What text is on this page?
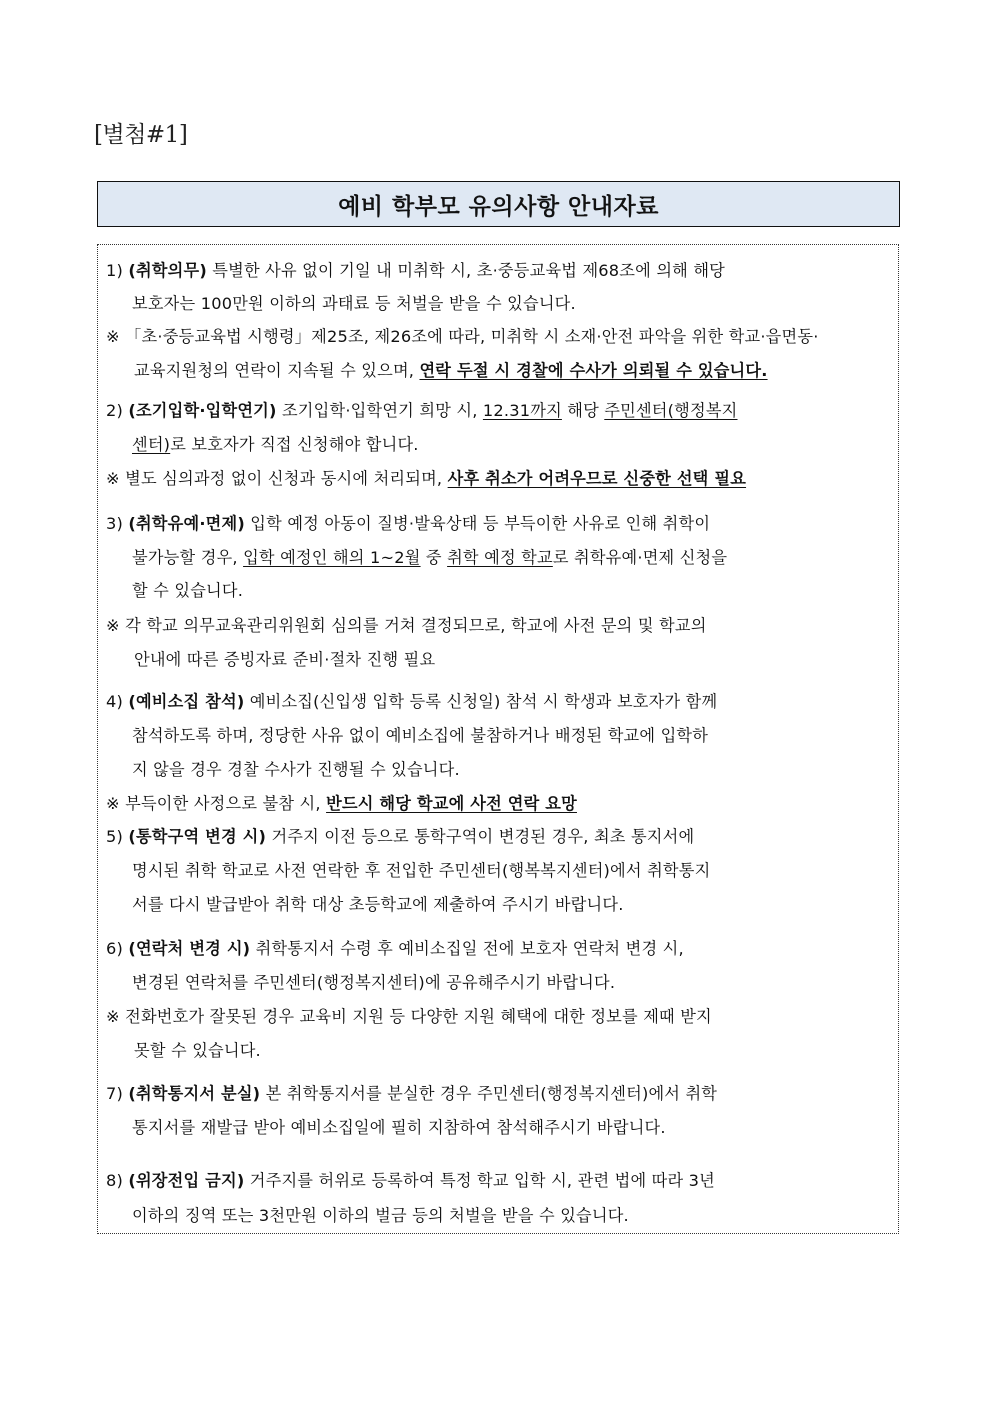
[별첨#1]
예비 학부모 유의사항 안내자료
1) (취학의무) 특별한 사유 없이 기일 내 미취학 시, 초·중등교육법 제68조에 의해 해당
보호자는 100만원 이하의 과태료 등 처벌을 받을 수 있습니다.
※ 「초·중등교육법 시행령」제25조, 제26조에 따라, 미취학 시 소재·안전 파악을 위한 학교·읍면동·
교육지원청의 연락이 지속될 수 있으며, 연락 두절 시 경찰에 수사가 의뢰될 수 있습니다.
2) (조기입학·입학연기) 조기입학·입학연기 희망 시, 12.31까지 해당 주민센터(행정복지
센터)로 보호자가 직접 신청해야 합니다.
※ 별도 심의과정 없이 신청과 동시에 처리되며, 사후 취소가 어려우므로 신중한 선택 필요
3) (취학유예·면제) 입학 예정 아동이 질병·발육상태 등 부득이한 사유로 인해 취학이
불가능할 경우, 입학 예정인 해의 1~2월 중 취학 예정 학교로 취학유예·면제 신청을
할 수 있습니다.
※ 각 학교 의무교육관리위원회 심의를 거쳐 결정되므로, 학교에 사전 문의 및 학교의
안내에 따른 증빙자료 준비·절차 진행 필요
4) (예비소집 참석) 예비소집(신입생 입학 등록 신청일) 참석 시 학생과 보호자가 함께
참석하도록 하며, 정당한 사유 없이 예비소집에 불참하거나 배정된 학교에 입학하
지 않을 경우 경찰 수사가 진행될 수 있습니다.
※ 부득이한 사정으로 불참 시, 반드시 해당 학교에 사전 연락 요망
5) (통학구역 변경 시) 거주지 이전 등으로 통학구역이 변경된 경우, 최초 통지서에
명시된 취학 학교로 사전 연락한 후 전입한 주민센터(행복복지센터)에서 취학통지
서를 다시 발급받아 취학 대상 초등학교에 제출하여 주시기 바랍니다.
6) (연락처 변경 시) 취학통지서 수령 후 예비소집일 전에 보호자 연락처 변경 시,
변경된 연락처를 주민센터(행정복지센터)에 공유해주시기 바랍니다.
※ 전화번호가 잘못된 경우 교육비 지원 등 다양한 지원 혜택에 대한 정보를 제때 받지
못할 수 있습니다.
7) (취학통지서 분실) 본 취학통지서를 분실한 경우 주민센터(행정복지센터)에서 취학
통지서를 재발급 받아 예비소집일에 필히 지참하여 참석해주시기 바랍니다.
8) (위장전입 금지) 거주지를 허위로 등록하여 특정 학교 입학 시, 관련 법에 따라 3년
이하의 징역 또는 3천만원 이하의 벌금 등의 처벌을 받을 수 있습니다.
